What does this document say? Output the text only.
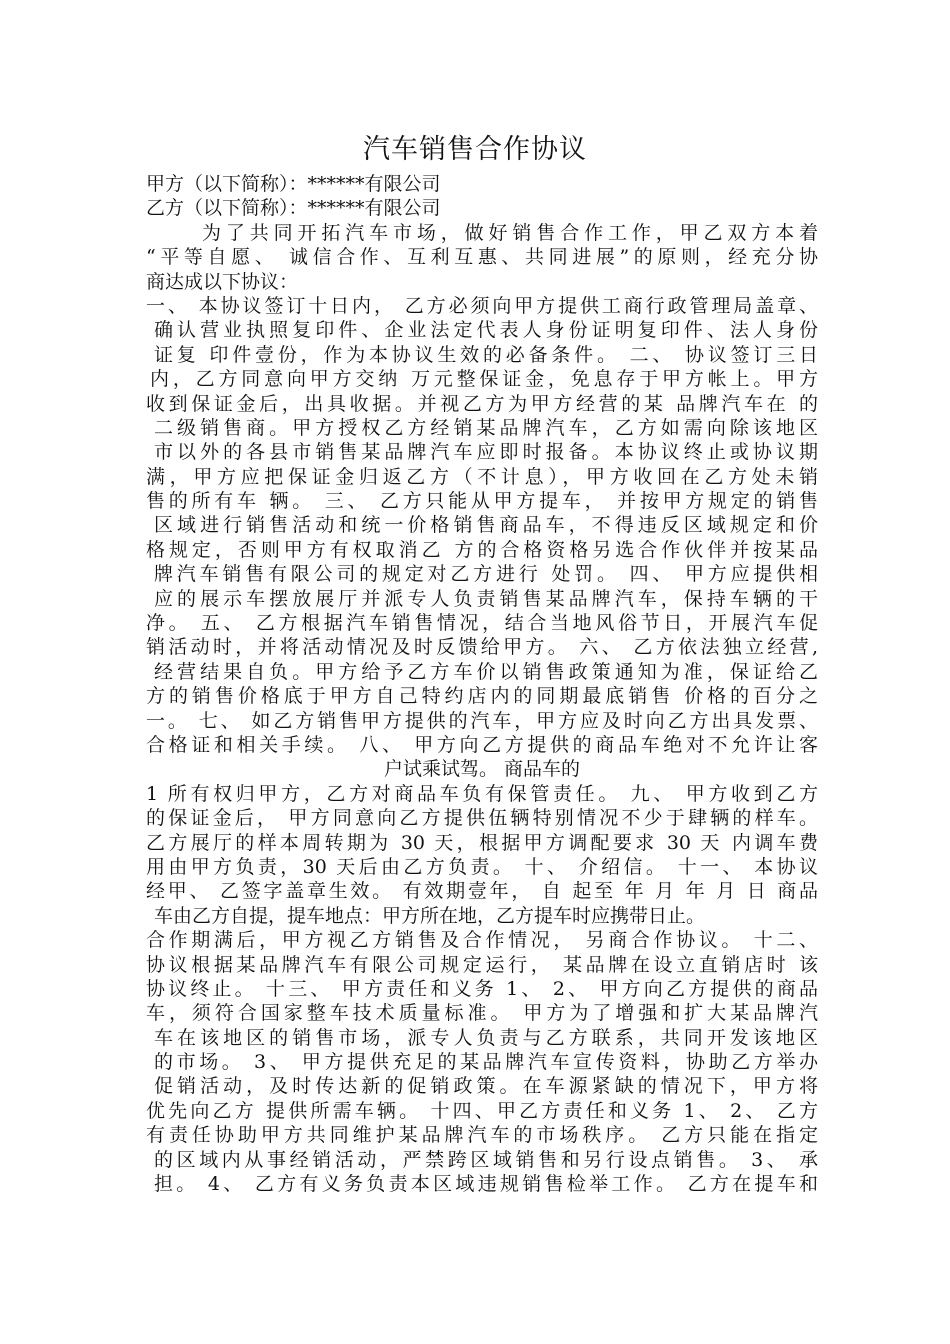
汽车销售合作协议
甲方（以下简称）：******有限公司
乙方（以下简称）：******有限公司
为了共同开拓汽车市场，做好销售合作工作，甲乙双方本着
“平等自愿、 诚信合作、互利互惠、共同进展”的原则，经充分协
商达成以下协议：
一、 本协议签订十日内， 乙方必须向甲方提供工商行政管理局盖章、
确认营业执照复印件、企业法定代表人身份证明复印件、法人身份
证复 印件壹份，作为本协议生效的必备条件。 二、 协议签订三日
内，乙方同意向甲方交纳 万元整保证金，免息存于甲方帐上。甲方
收到保证金后，出具收据。并视乙方为甲方经营的某 品牌汽车在 的
二级销售商。甲方授权乙方经销某品牌汽车，乙方如需向除该地区
市以外的各县市销售某品牌汽车应即时报备。本协议终止或协议期
满，甲方应把保证金归返乙方（不计息），甲方收回在乙方处未销
售的所有车 辆。 三、 乙方只能从甲方提车， 并按甲方规定的销售
区域进行销售活动和统一价格销售商品车，不得违反区域规定和价
格规定，否则甲方有权取消乙 方的合格资格另选合作伙伴并按某品
牌汽车销售有限公司的规定对乙方进行 处罚。 四、 甲方应提供相
应的展示车摆放展厅并派专人负责销售某品牌汽车，保持车辆的干
净。 五、 乙方根据汽车销售情况，结合当地风俗节日，开展汽车促
销活动时，并将活动情况及时反馈给甲方。 六、 乙方依法独立经营,
经营结果自负。甲方给予乙方车价以销售政策通知为准，保证给乙
方的销售价格底于甲方自己特约店内的同期最底销售 价格的百分之
一。 七、 如乙方销售甲方提供的汽车，甲方应及时向乙方出具发票、
合格证和相关手续。 八、 甲方向乙方提供的商品车绝对不允许让客
户试乘试驾。 商品车的
1 所有权归甲方，乙方对商品车负有保管责任。 九、 甲方收到乙方
的保证金后， 甲方同意向乙方提供伍辆特别情况不少于肆辆的样车。
乙方展厅的样本周转期为 30 天，根据甲方调配要求 30 天 内调车费
用由甲方负责，30 天后由乙方负责。 十、 介绍信。 十一、 本协议
经甲、 乙签字盖章生效。 有效期壹年， 自 起至 年 月 年 月 日 商品
车由乙方自提，提车地点：甲方所在地，乙方提车时应携带日止。
合作期满后，甲方视乙方销售及合作情况， 另商合作协议。 十二、
协议根据某品牌汽车有限公司规定运行， 某品牌在设立直销店时 该
协议终止。 十三、 甲方责任和义务 1、 2、 甲方向乙方提供的商品
车，须符合国家整车技术质量标准。 甲方为了增强和扩大某品牌汽
车在该地区的销售市场，派专人负责与乙方联系，共同开发该地区
的市场。 3、 甲方提供充足的某品牌汽车宣传资料，协助乙方举办
促销活动，及时传达新的促销政策。在车源紧缺的情况下，甲方将
优先向乙方 提供所需车辆。 十四、甲乙方责任和义务 1、 2、 乙方
有责任协助甲方共同维护某品牌汽车的市场秩序。 乙方只能在指定
的区域内从事经销活动，严禁跨区域销售和另行设点销售。 3、 承
担。 4、 乙方有义务负责本区域违规销售检举工作。 乙方在提车和
